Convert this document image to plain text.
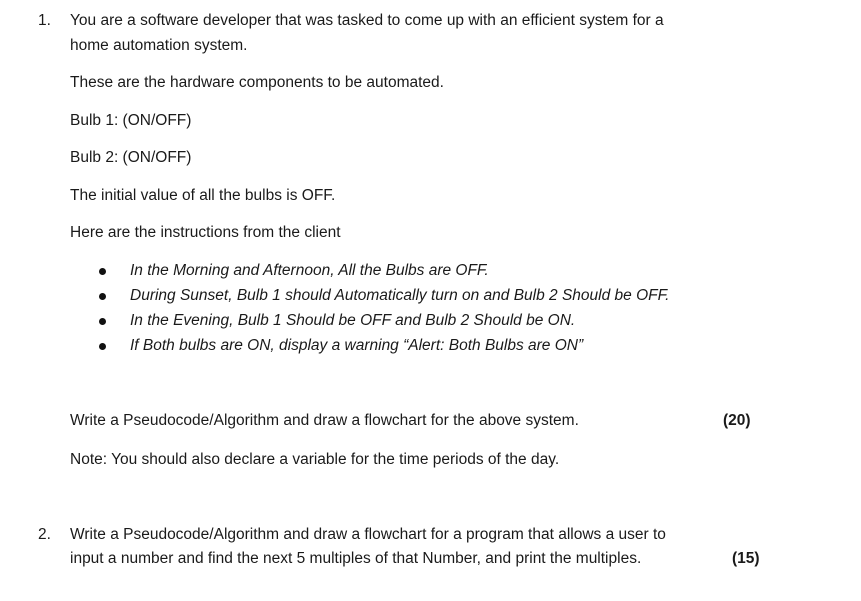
1. You are a software developer that was tasked to come up with an efficient system for a
home automation system.
These are the hardware components to be automated.
Bulb 1: (ON/OFF)
Bulb 2: (ON/OFF)
The initial value of all the bulbs is OFF.
Here are the instructions from the client
In the Morning and Afternoon, All the Bulbs are OFF.
During Sunset, Bulb 1 should Automatically turn on and Bulb 2 Should be OFF.
In the Evening, Bulb 1 Should be OFF and Bulb 2 Should be ON.
If Both bulbs are ON, display a warning “Alert: Both Bulbs are ON”
Write a Pseudocode/Algorithm and draw a flowchart for the above system.	(20)
Note: You should also declare a variable for the time periods of the day.
2. Write a Pseudocode/Algorithm and draw a flowchart for a program that allows a user to
input a number and find the next 5 multiples of that Number, and print the multiples.	(15)
